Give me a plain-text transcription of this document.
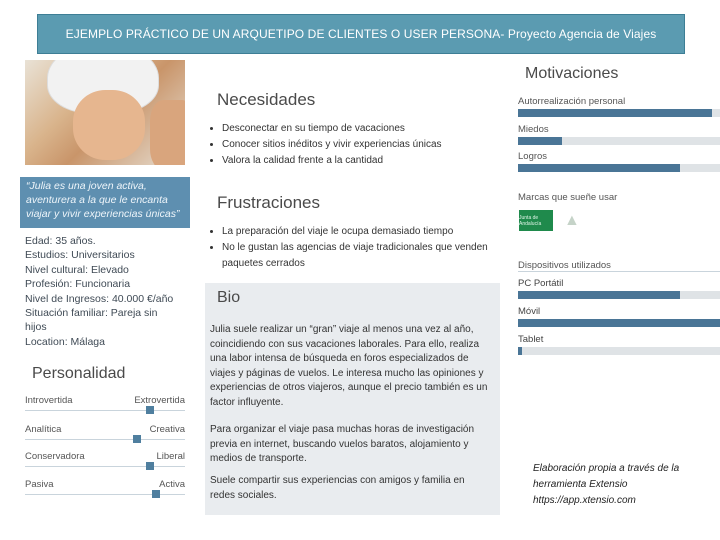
EJEMPLO PRÁCTICO DE UN ARQUETIPO DE CLIENTES O USER PERSONA- Proyecto Agencia de Viajes
“Julia es una joven activa, aventurera a la que le encanta viajar y vivir experiencias únicas”
Edad: 35 años.
Estudios: Universitarios
Nivel cultural: Elevado
Profesión: Funcionaria
Nivel de Ingresos: 40.000 €/año
Situación familiar: Pareja sin
hijos
Location: Málaga
Personalidad
Introvertida	Extrovertida
Analítica	Creativa
Conservadora	Liberal
Pasiva	Activa
Necesidades
• Desconectar en su tiempo de vacaciones
• Conocer sitios inéditos y vivir experiencias únicas
• Valora la calidad frente a la cantidad
Frustraciones
• La preparación del viaje le ocupa demasiado tiempo
• No le gustan las agencias de viaje tradicionales que venden paquetes cerrados
Bio

Julia suele realizar un “gran” viaje al menos una vez al año, coincidiendo con sus vacaciones laborales. Para ello, realiza una labor intensa de búsqueda en foros especializados de viajes y páginas de vuelos. Le interesa mucho las opiniones y experiencias de otros viajeros, aunque el precio también es un factor influyente.

Para organizar el viaje pasa muchas horas de investigación previa en internet, buscando vuelos baratos, alojamiento y medios de transporte.

Suele compartir sus experiencias con amigos y familia en redes sociales.

Motivaciones
Autorrealización personal
Miedos
Logros
Marcas que sueñe usar
Junta de Andalucía	▲
Dispositivos utilizados
PC Portátil
Móvil
Tablet
Elaboración propia a través de la
herramienta Extensio
https://app.xtensio.com
